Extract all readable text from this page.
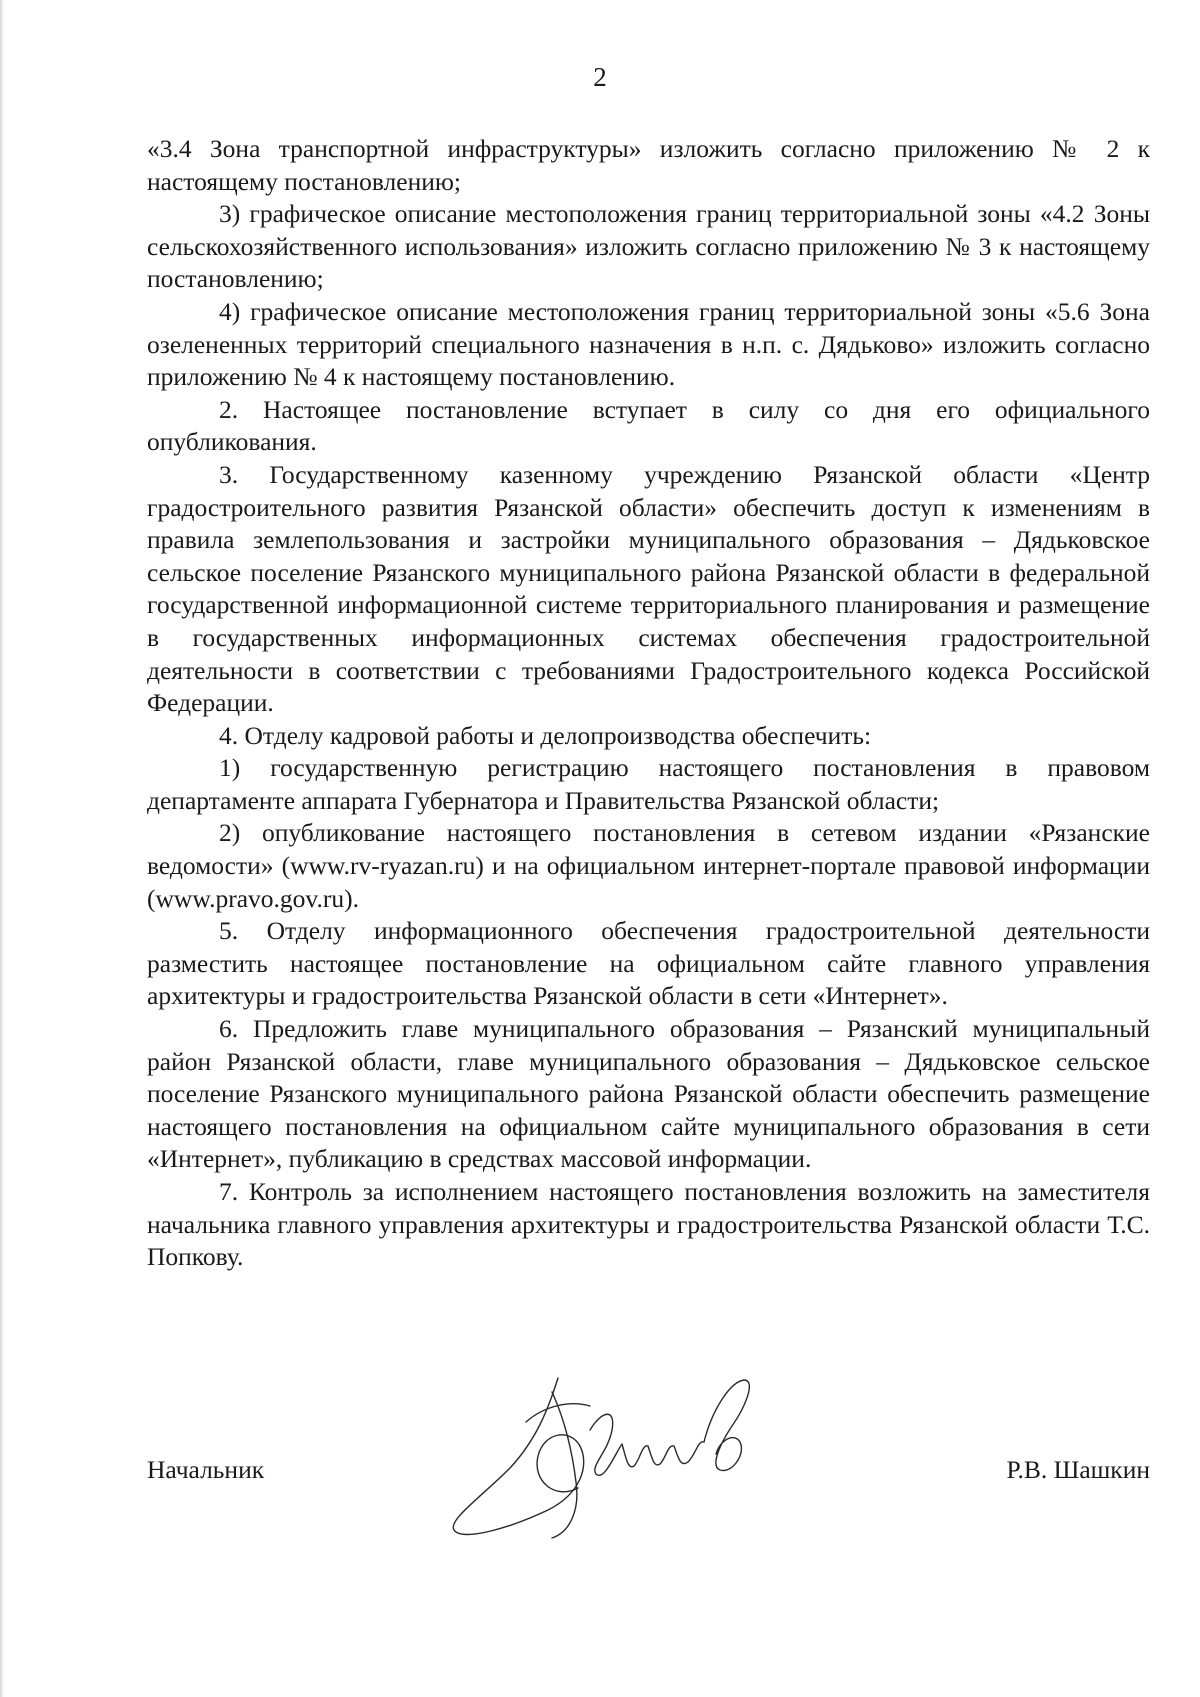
2

«3.4 Зона транспортной инфраструктуры» изложить согласно приложению № 2 к настоящему постановлению;

3) графическое описание местоположения границ территориальной зоны «4.2 Зоны сельскохозяйственного использования» изложить согласно приложению № 3 к настоящему постановлению;

4) графическое описание местоположения границ территориальной зоны «5.6 Зона озелененных территорий специального назначения в н.п. с. Дядьково» изложить согласно приложению № 4 к настоящему постановлению.

2. Настоящее постановление вступает в силу со дня его официального опубликования.

3. Государственному казенному учреждению Рязанской области «Центр градостроительного развития Рязанской области» обеспечить доступ к изменениям в правила землепользования и застройки муниципального образования – Дядьковское сельское поселение Рязанского муниципального района Рязанской области в федеральной государственной информационной системе территориального планирования и размещение в государственных информационных системах обеспечения градостроительной деятельности в соответствии с требованиями Градостроительного кодекса Российской Федерации.

4. Отделу кадровой работы и делопроизводства обеспечить:

1) государственную регистрацию настоящего постановления в правовом департаменте аппарата Губернатора и Правительства Рязанской области;

2) опубликование настоящего постановления в сетевом издании «Рязанские ведомости» (www.rv-ryazan.ru) и на официальном интернет-портале правовой информации (www.pravo.gov.ru).

5. Отделу информационного обеспечения градостроительной деятельности разместить настоящее постановление на официальном сайте главного управления архитектуры и градостроительства Рязанской области в сети «Интернет».

6. Предложить главе муниципального образования – Рязанский муниципальный район Рязанской области, главе муниципального образования – Дядьковское сельское поселение Рязанского муниципального района Рязанской области обеспечить размещение настоящего постановления на официальном сайте муниципального образования в сети «Интернет», публикацию в средствах массовой информации.

7. Контроль за исполнением настоящего постановления возложить на заместителя начальника главного управления архитектуры и градостроительства Рязанской области Т.С. Попкову.

Начальник	Р.В. Шашкин
